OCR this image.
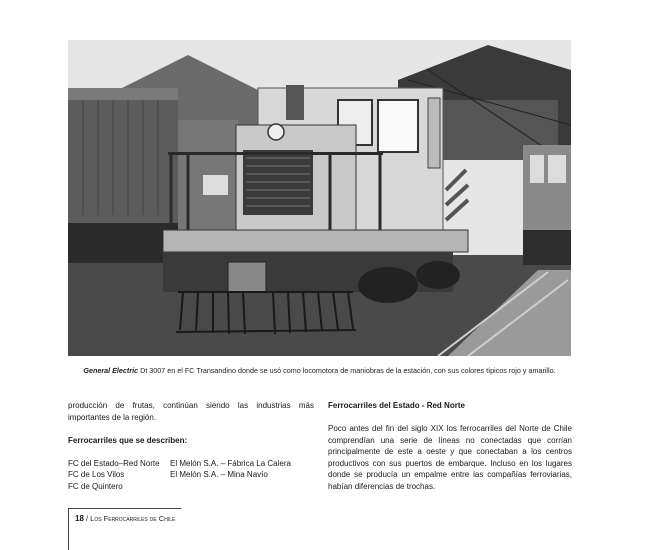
General Electric Dt 3007 en el FC Transandino donde se usó como locomotora de maniobras de la estación, con sus colores típicos rojo y amarillo.

producción de frutas, continúan siendo las industrias más importantes de la región.

Ferrocarriles que se describen:
FC del Estado–Red Norte
FC de Los Vilos
FC de Quintero
El Melón S.A. – Fábrica La Calera
El Melón S.A. – Mina Navío
Ferrocarriles del Estado - Red Norte

Poco antes del fin del siglo XIX los ferrocarriles del Norte de Chile comprendían una serie de líneas no conectadas que corrían principalmente de este a oeste y que conectaban a los centros productivos con sus puertos de embarque. Incluso en los lugares donde se producía un empalme entre las compañías ferroviarias, habían diferencias de trochas.

18 / Los Ferrocarriles de Chile
